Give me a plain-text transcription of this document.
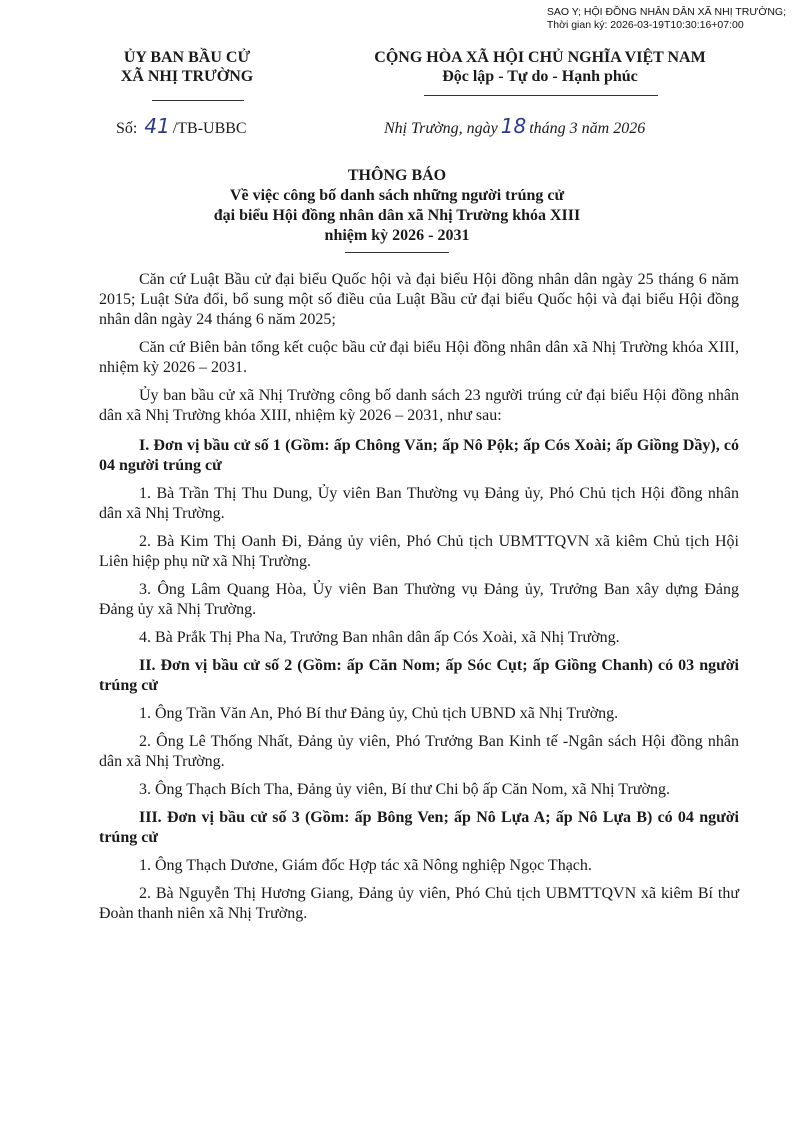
SAO Y; HỘI ĐỒNG NHÂN DÂN XÃ NHỊ TRƯỜNG;
Thời gian ký: 2026-03-19T10:30:16+07:00
ỦY BAN BẦU CỬ
XÃ NHỊ TRƯỜNG
CỘNG HÒA XÃ HỘI CHỦ NGHĨA VIỆT NAM
Độc lập - Tự do - Hạnh phúc
Số: 41 /TB-UBBC	Nhị Trường, ngày 18 tháng 3 năm 2026
THÔNG BÁO
Về việc công bố danh sách những người trúng cử
đại biểu Hội đồng nhân dân xã Nhị Trường khóa XIII
nhiệm kỳ 2026 - 2031

Căn cứ Luật Bầu cử đại biểu Quốc hội và đại biểu Hội đồng nhân dân ngày 25 tháng 6 năm 2015; Luật Sửa đổi, bổ sung một số điều của Luật Bầu cử đại biểu Quốc hội và đại biểu Hội đồng nhân dân ngày 24 tháng 6 năm 2025;

Căn cứ Biên bản tổng kết cuộc bầu cử đại biểu Hội đồng nhân dân xã Nhị Trường khóa XIII, nhiệm kỳ 2026 – 2031.

Ủy ban bầu cử xã Nhị Trường công bố danh sách 23 người trúng cử đại biểu Hội đồng nhân dân xã Nhị Trường khóa XIII, nhiệm kỳ 2026 – 2031, như sau:

I. Đơn vị bầu cử số 1 (Gồm: ấp Chông Văn; ấp Nô Pộk; ấp Cós Xoài; ấp Giồng Dầy), có 04 người trúng cử

1. Bà Trần Thị Thu Dung, Ủy viên Ban Thường vụ Đảng ủy, Phó Chủ tịch Hội đồng nhân dân xã Nhị Trường.

2. Bà Kim Thị Oanh Đi, Đảng ủy viên, Phó Chủ tịch UBMTTQVN xã kiêm Chủ tịch Hội Liên hiệp phụ nữ xã Nhị Trường.

3. Ông Lâm Quang Hòa, Ủy viên Ban Thường vụ Đảng ủy, Trưởng Ban xây dựng Đảng Đảng ủy xã Nhị Trường.

4. Bà Prắk Thị Pha Na, Trưởng Ban nhân dân ấp Cós Xoài, xã Nhị Trường.

II. Đơn vị bầu cử số 2 (Gồm: ấp Căn Nom; ấp Sóc Cụt; ấp Giồng Chanh) có 03 người trúng cử

1. Ông Trần Văn An, Phó Bí thư Đảng ủy, Chủ tịch UBND xã Nhị Trường.

2. Ông Lê Thống Nhất, Đảng ủy viên, Phó Trưởng Ban Kinh tế -Ngân sách Hội đồng nhân dân xã Nhị Trường.

3. Ông Thạch Bích Tha, Đảng ủy viên, Bí thư Chi bộ ấp Căn Nom, xã Nhị Trường.

III. Đơn vị bầu cử số 3 (Gồm: ấp Bông Ven; ấp Nô Lựa A; ấp Nô Lựa B) có 04 người trúng cử

1. Ông Thạch Dươne, Giám đốc Hợp tác xã Nông nghiệp Ngọc Thạch.

2. Bà Nguyễn Thị Hương Giang, Đảng ủy viên, Phó Chủ tịch UBMTTQVN xã kiêm Bí thư Đoàn thanh niên xã Nhị Trường.
